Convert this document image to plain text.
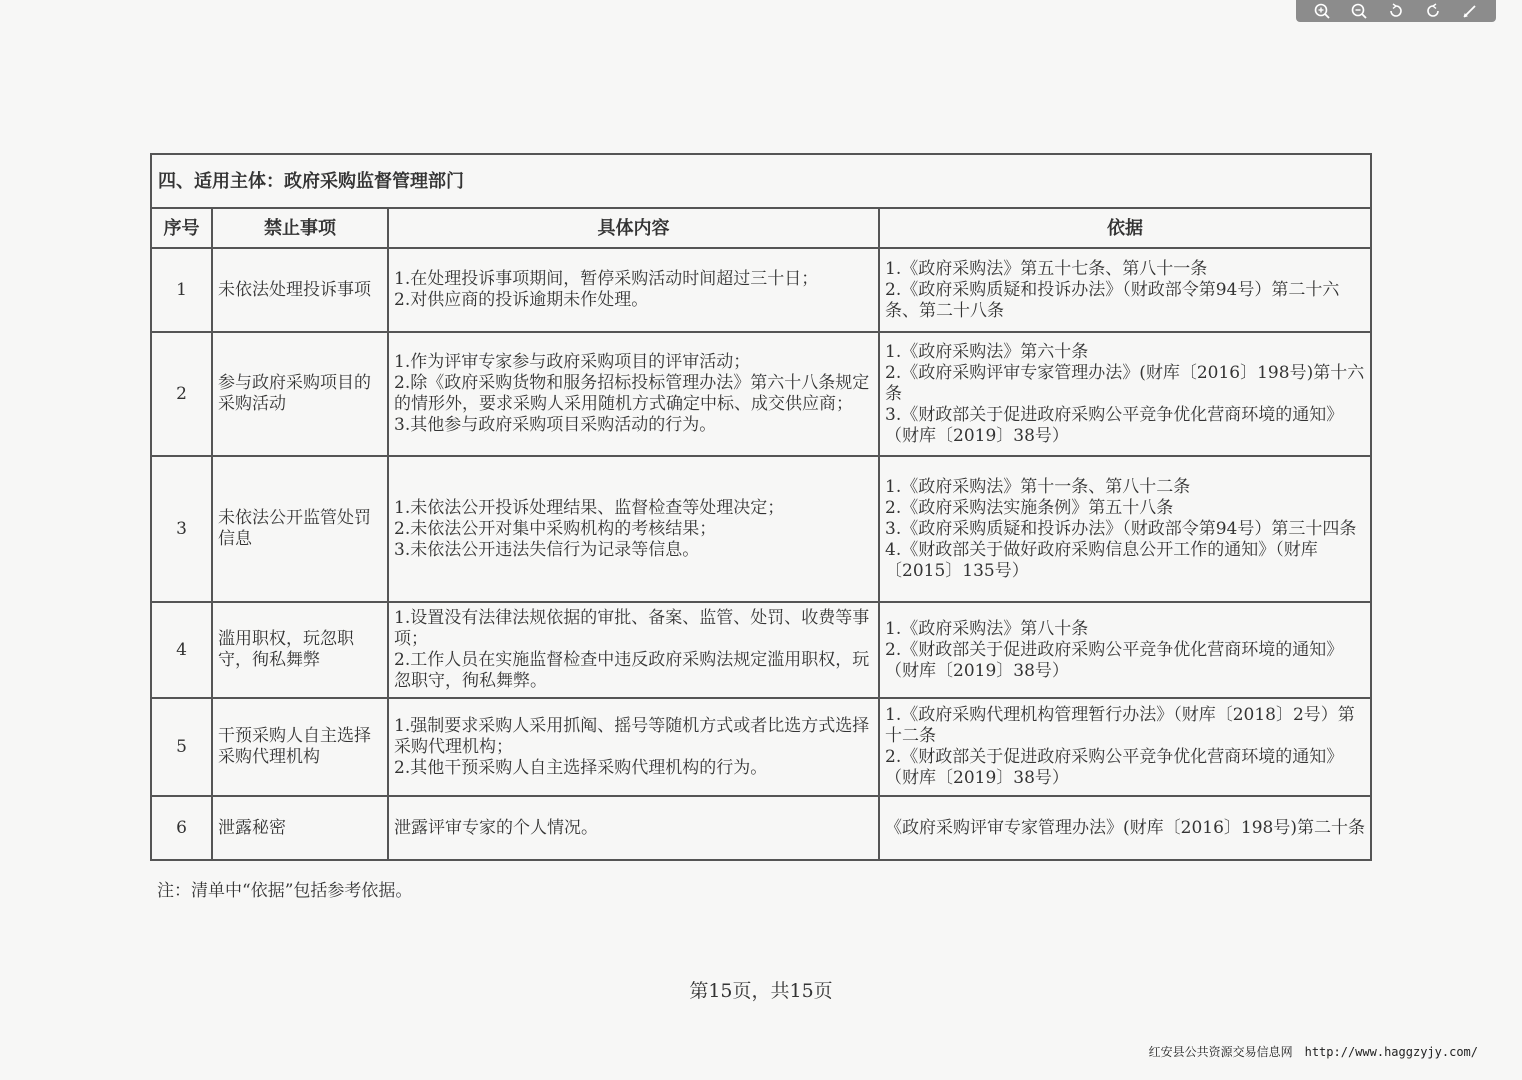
四、适用主体：政府采购监督管理部门			
序号	禁止事项	具体内容	依据
1	未依法处理投诉事项	1.在处理投诉事项期间，暂停采购活动时间超过三十日；
2.对供应商的投诉逾期未作处理。	1.《政府采购法》第五十七条、第八十一条
2.《政府采购质疑和投诉办法》（财政部令第94号）第二十六条、第二十八条

2	参与政府采购项目的采购活动	1.作为评审专家参与政府采购项目的评审活动；
2.除《政府采购货物和服务招标投标管理办法》第六十八条规定的情形外，要求采购人采用随机方式确定中标、成交供应商；
3.其他参与政府采购项目采购活动的行为。	1.《政府采购法》第六十条
2.《政府采购评审专家管理办法》(财库〔2016〕198号)第十六条
3.《财政部关于促进政府采购公平竞争优化营商环境的通知》（财库〔2019〕38号）

3	未依法公开监管处罚信息	1.未依法公开投诉处理结果、监督检查等处理决定；
2.未依法公开对集中采购机构的考核结果；
3.未依法公开违法失信行为记录等信息。	1.《政府采购法》第十一条、第八十二条
2.《政府采购法实施条例》第五十八条
3.《政府采购质疑和投诉办法》（财政部令第94号）第三十四条
4.《财政部关于做好政府采购信息公开工作的通知》（财库〔2015〕135号）

4	滥用职权，玩忽职守，徇私舞弊	1.设置没有法律法规依据的审批、备案、监管、处罚、收费等事项；
2.工作人员在实施监督检查中违反政府采购法规定滥用职权，玩忽职守，徇私舞弊。	1.《政府采购法》第八十条
2.《财政部关于促进政府采购公平竞争优化营商环境的通知》（财库〔2019〕38号）

5	干预采购人自主选择采购代理机构	1.强制要求采购人采用抓阄、摇号等随机方式或者比选方式选择采购代理机构；
2.其他干预采购人自主选择采购代理机构的行为。	1.《政府采购代理机构管理暂行办法》（财库〔2018〕2号）第十二条
2.《财政部关于促进政府采购公平竞争优化营商环境的通知》（财库〔2019〕38号）

6	泄露秘密	泄露评审专家的个人情况。	《政府采购评审专家管理办法》(财库〔2016〕198号)第二十条
注：清单中“依据”包括参考依据。
第15页，共15页
红安县公共资源交易信息网 http://www.haggzyjy.com/
